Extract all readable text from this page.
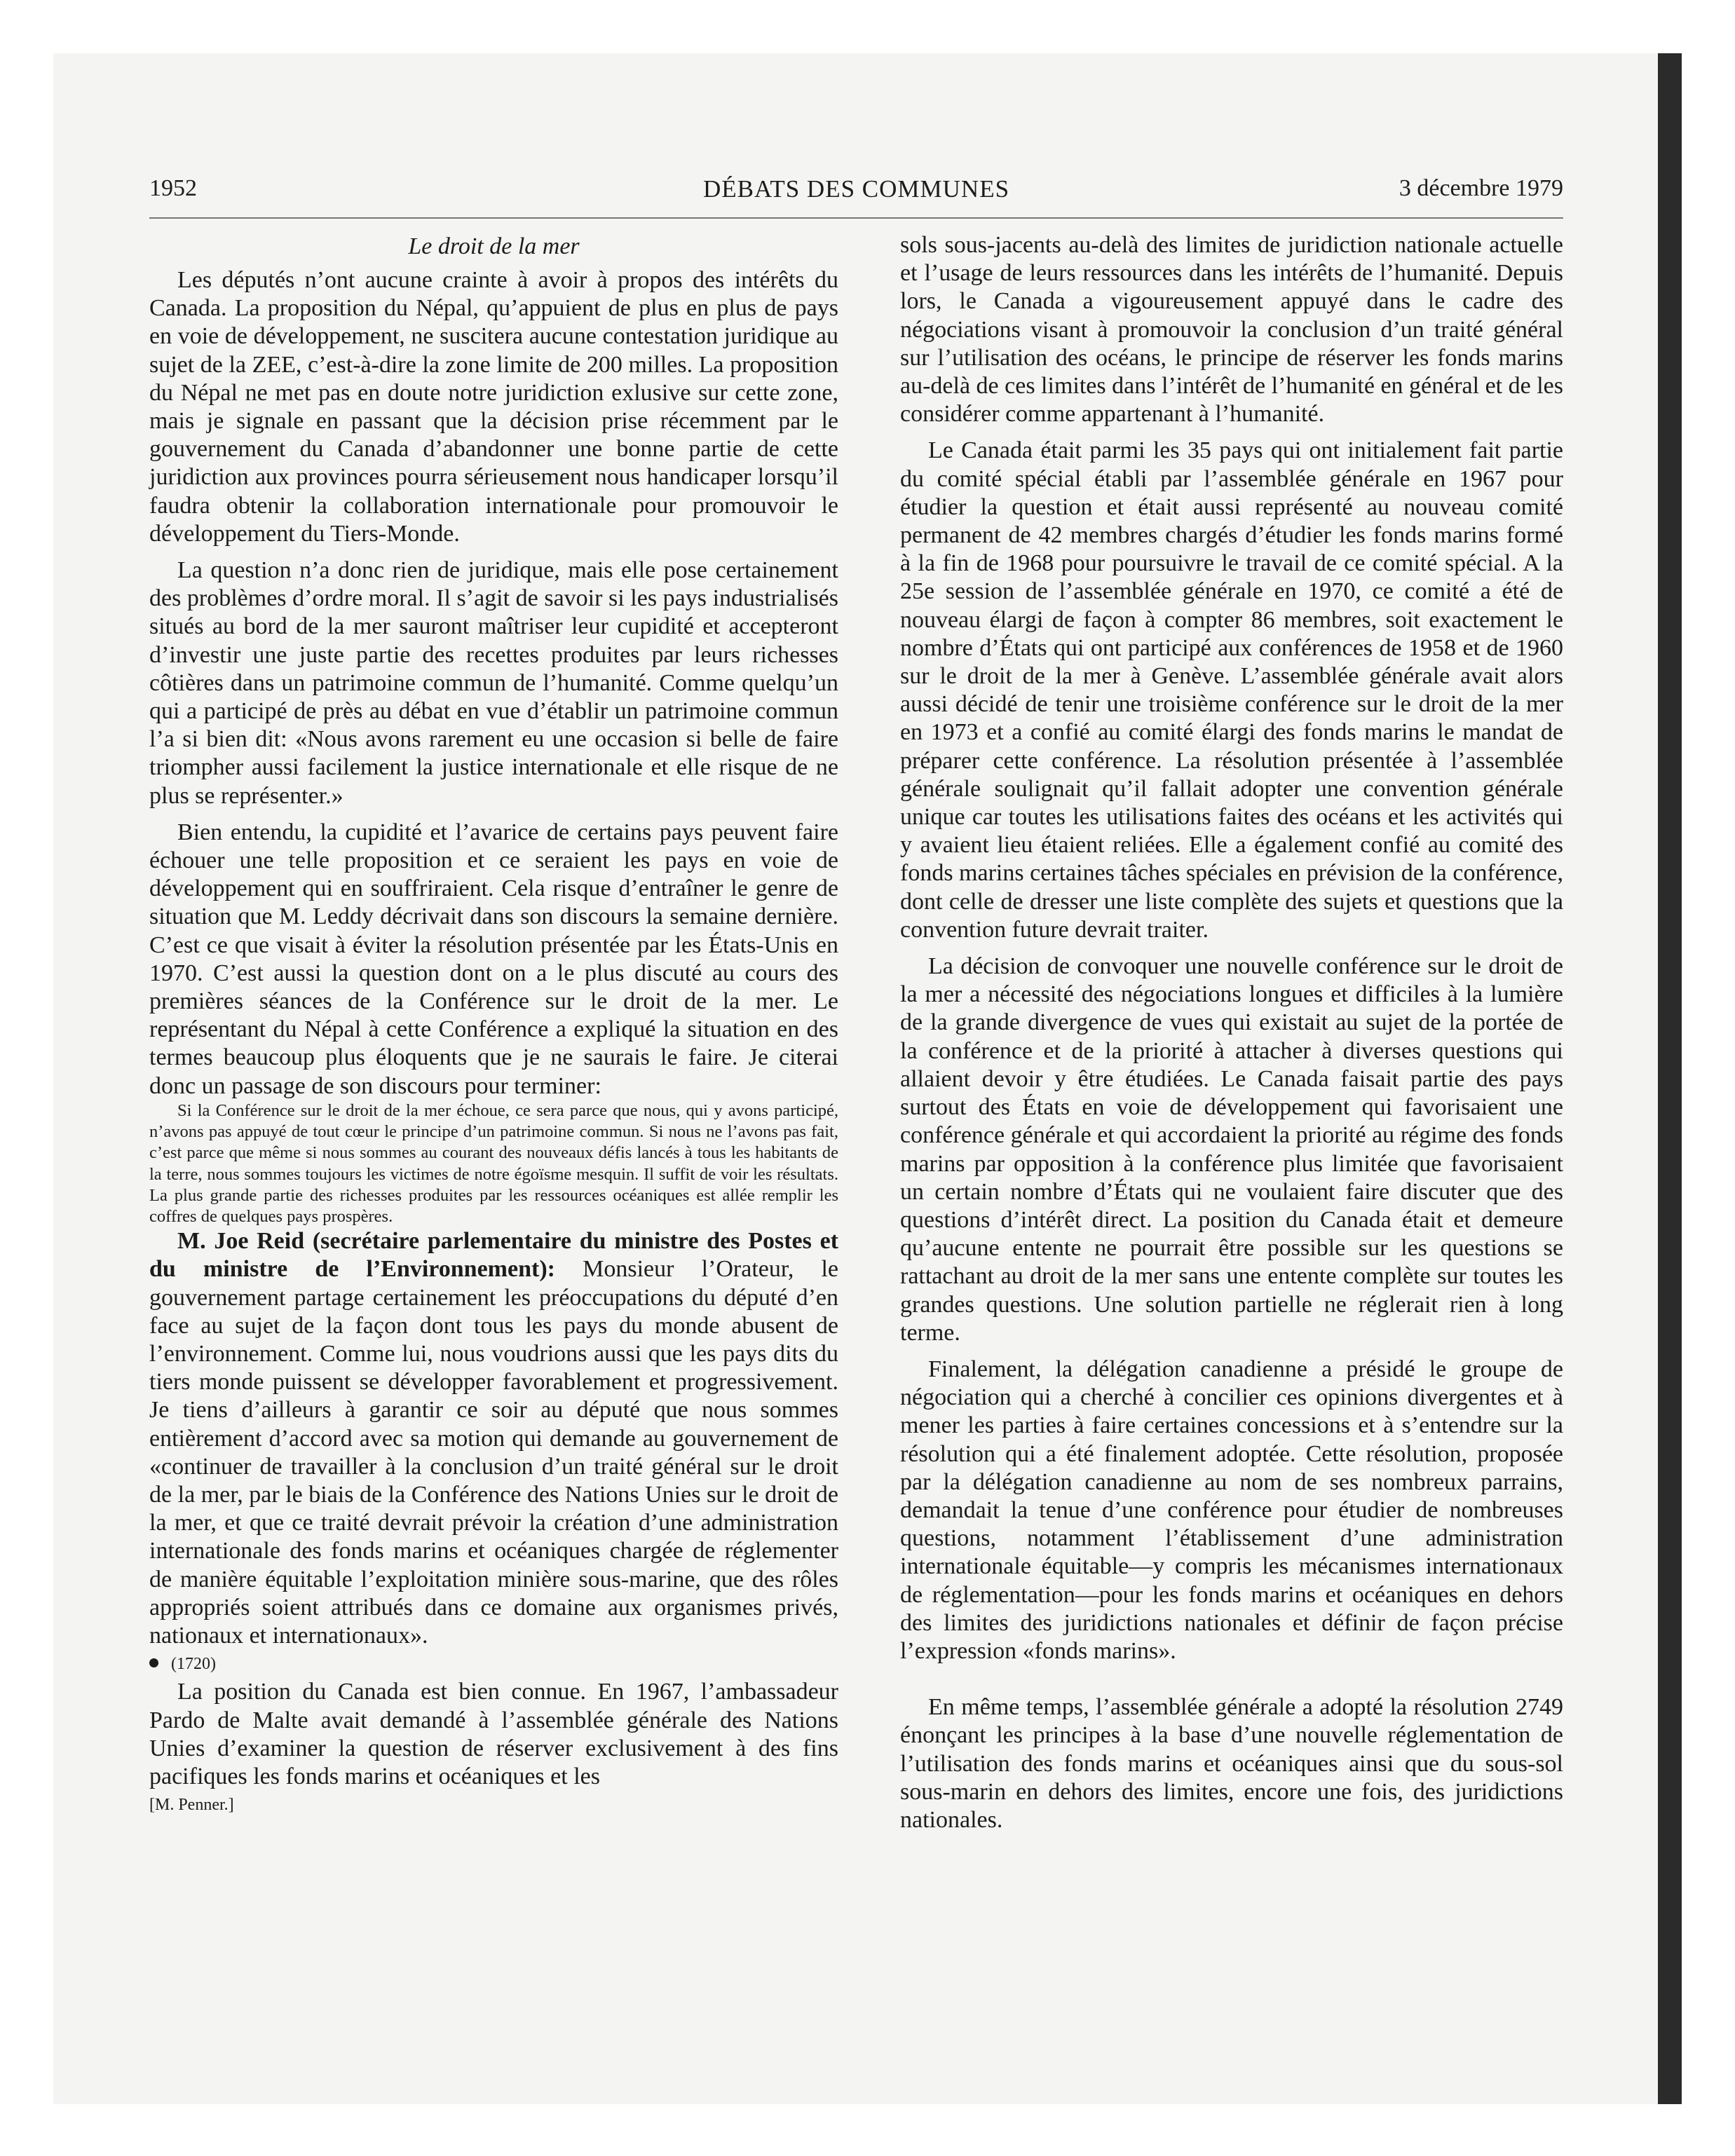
1952	DÉBATS DES COMMUNES	3 décembre 1979
Le droit de la mer

Les députés n’ont aucune crainte à avoir à propos des intérêts du Canada. La proposition du Népal, qu’appuient de plus en plus de pays en voie de développement, ne suscitera aucune contestation juridique au sujet de la ZEE, c’est-à-dire la zone limite de 200 milles. La proposition du Népal ne met pas en doute notre juridiction exlusive sur cette zone, mais je signale en passant que la décision prise récemment par le gouvernement du Canada d’abandonner une bonne partie de cette juridiction aux provinces pourra sérieusement nous handicaper lorsqu’il faudra obtenir la collaboration internationale pour promouvoir le développement du Tiers-Monde.

La question n’a donc rien de juridique, mais elle pose certainement des problèmes d’ordre moral. Il s’agit de savoir si les pays industrialisés situés au bord de la mer sauront maîtriser leur cupidité et accepteront d’investir une juste partie des recettes produites par leurs richesses côtières dans un patrimoine commun de l’humanité. Comme quelqu’un qui a participé de près au débat en vue d’établir un patrimoine commun l’a si bien dit: «Nous avons rarement eu une occasion si belle de faire triompher aussi facilement la justice internationale et elle risque de ne plus se représenter.»

Bien entendu, la cupidité et l’avarice de certains pays peuvent faire échouer une telle proposition et ce seraient les pays en voie de développement qui en souffriraient. Cela risque d’entraîner le genre de situation que M. Leddy décrivait dans son discours la semaine dernière. C’est ce que visait à éviter la résolution présentée par les États-Unis en 1970. C’est aussi la question dont on a le plus discuté au cours des premières séances de la Conférence sur le droit de la mer. Le représentant du Népal à cette Conférence a expliqué la situation en des termes beaucoup plus éloquents que je ne saurais le faire. Je citerai donc un passage de son discours pour terminer:

Si la Conférence sur le droit de la mer échoue, ce sera parce que nous, qui y avons participé, n’avons pas appuyé de tout cœur le principe d’un patrimoine commun. Si nous ne l’avons pas fait, c’est parce que même si nous sommes au courant des nouveaux défis lancés à tous les habitants de la terre, nous sommes toujours les victimes de notre égoïsme mesquin. Il suffit de voir les résultats. La plus grande partie des richesses produites par les ressources océaniques est allée remplir les coffres de quelques pays prospères.

M. Joe Reid (secrétaire parlementaire du ministre des Postes et du ministre de l’Environnement): Monsieur l’Orateur, le gouvernement partage certainement les préoccupations du député d’en face au sujet de la façon dont tous les pays du monde abusent de l’environnement. Comme lui, nous voudrions aussi que les pays dits du tiers monde puissent se développer favorablement et progressivement. Je tiens d’ailleurs à garantir ce soir au député que nous sommes entièrement d’accord avec sa motion qui demande au gouvernement de «continuer de travailler à la conclusion d’un traité général sur le droit de la mer, par le biais de la Conférence des Nations Unies sur le droit de la mer, et que ce traité devrait prévoir la création d’une administration internationale des fonds marins et océaniques chargée de réglementer de manière équitable l’exploitation minière sous-marine, que des rôles appropriés soient attribués dans ce domaine aux organismes privés, nationaux et internationaux».

(1720)

La position du Canada est bien connue. En 1967, l’ambassadeur Pardo de Malte avait demandé à l’assemblée générale des Nations Unies d’examiner la question de réserver exclusivement à des fins pacifiques les fonds marins et océaniques et les

[M. Penner.]

sols sous-jacents au-delà des limites de juridiction nationale actuelle et l’usage de leurs ressources dans les intérêts de l’humanité. Depuis lors, le Canada a vigoureusement appuyé dans le cadre des négociations visant à promouvoir la conclusion d’un traité général sur l’utilisation des océans, le principe de réserver les fonds marins au-delà de ces limites dans l’intérêt de l’humanité en général et de les considérer comme appartenant à l’humanité.

Le Canada était parmi les 35 pays qui ont initialement fait partie du comité spécial établi par l’assemblée générale en 1967 pour étudier la question et était aussi représenté au nouveau comité permanent de 42 membres chargés d’étudier les fonds marins formé à la fin de 1968 pour poursuivre le travail de ce comité spécial. A la 25e session de l’assemblée générale en 1970, ce comité a été de nouveau élargi de façon à compter 86 membres, soit exactement le nombre d’États qui ont participé aux conférences de 1958 et de 1960 sur le droit de la mer à Genève. L’assemblée générale avait alors aussi décidé de tenir une troisième conférence sur le droit de la mer en 1973 et a confié au comité élargi des fonds marins le mandat de préparer cette conférence. La résolution présentée à l’assemblée générale soulignait qu’il fallait adopter une convention générale unique car toutes les utilisations faites des océans et les activités qui y avaient lieu étaient reliées. Elle a également confié au comité des fonds marins certaines tâches spéciales en prévision de la conférence, dont celle de dresser une liste complète des sujets et questions que la convention future devrait traiter.

La décision de convoquer une nouvelle conférence sur le droit de la mer a nécessité des négociations longues et difficiles à la lumière de la grande divergence de vues qui existait au sujet de la portée de la conférence et de la priorité à attacher à diverses questions qui allaient devoir y être étudiées. Le Canada faisait partie des pays surtout des États en voie de développement qui favorisaient une conférence générale et qui accordaient la priorité au régime des fonds marins par opposition à la conférence plus limitée que favorisaient un certain nombre d’États qui ne voulaient faire discuter que des questions d’intérêt direct. La position du Canada était et demeure qu’aucune entente ne pourrait être possible sur les questions se rattachant au droit de la mer sans une entente complète sur toutes les grandes questions. Une solution partielle ne réglerait rien à long terme.

Finalement, la délégation canadienne a présidé le groupe de négociation qui a cherché à concilier ces opinions divergentes et à mener les parties à faire certaines concessions et à s’entendre sur la résolution qui a été finalement adoptée. Cette résolution, proposée par la délégation canadienne au nom de ses nombreux parrains, demandait la tenue d’une conférence pour étudier de nombreuses questions, notamment l’établissement d’une administration internationale équitable—y compris les mécanismes internationaux de réglementation—pour les fonds marins et océaniques en dehors des limites des juridictions nationales et définir de façon précise l’expression «fonds marins».

En même temps, l’assemblée générale a adopté la résolution 2749 énonçant les principes à la base d’une nouvelle réglementation de l’utilisation des fonds marins et océaniques ainsi que du sous-sol sous-marin en dehors des limites, encore une fois, des juridictions nationales.
